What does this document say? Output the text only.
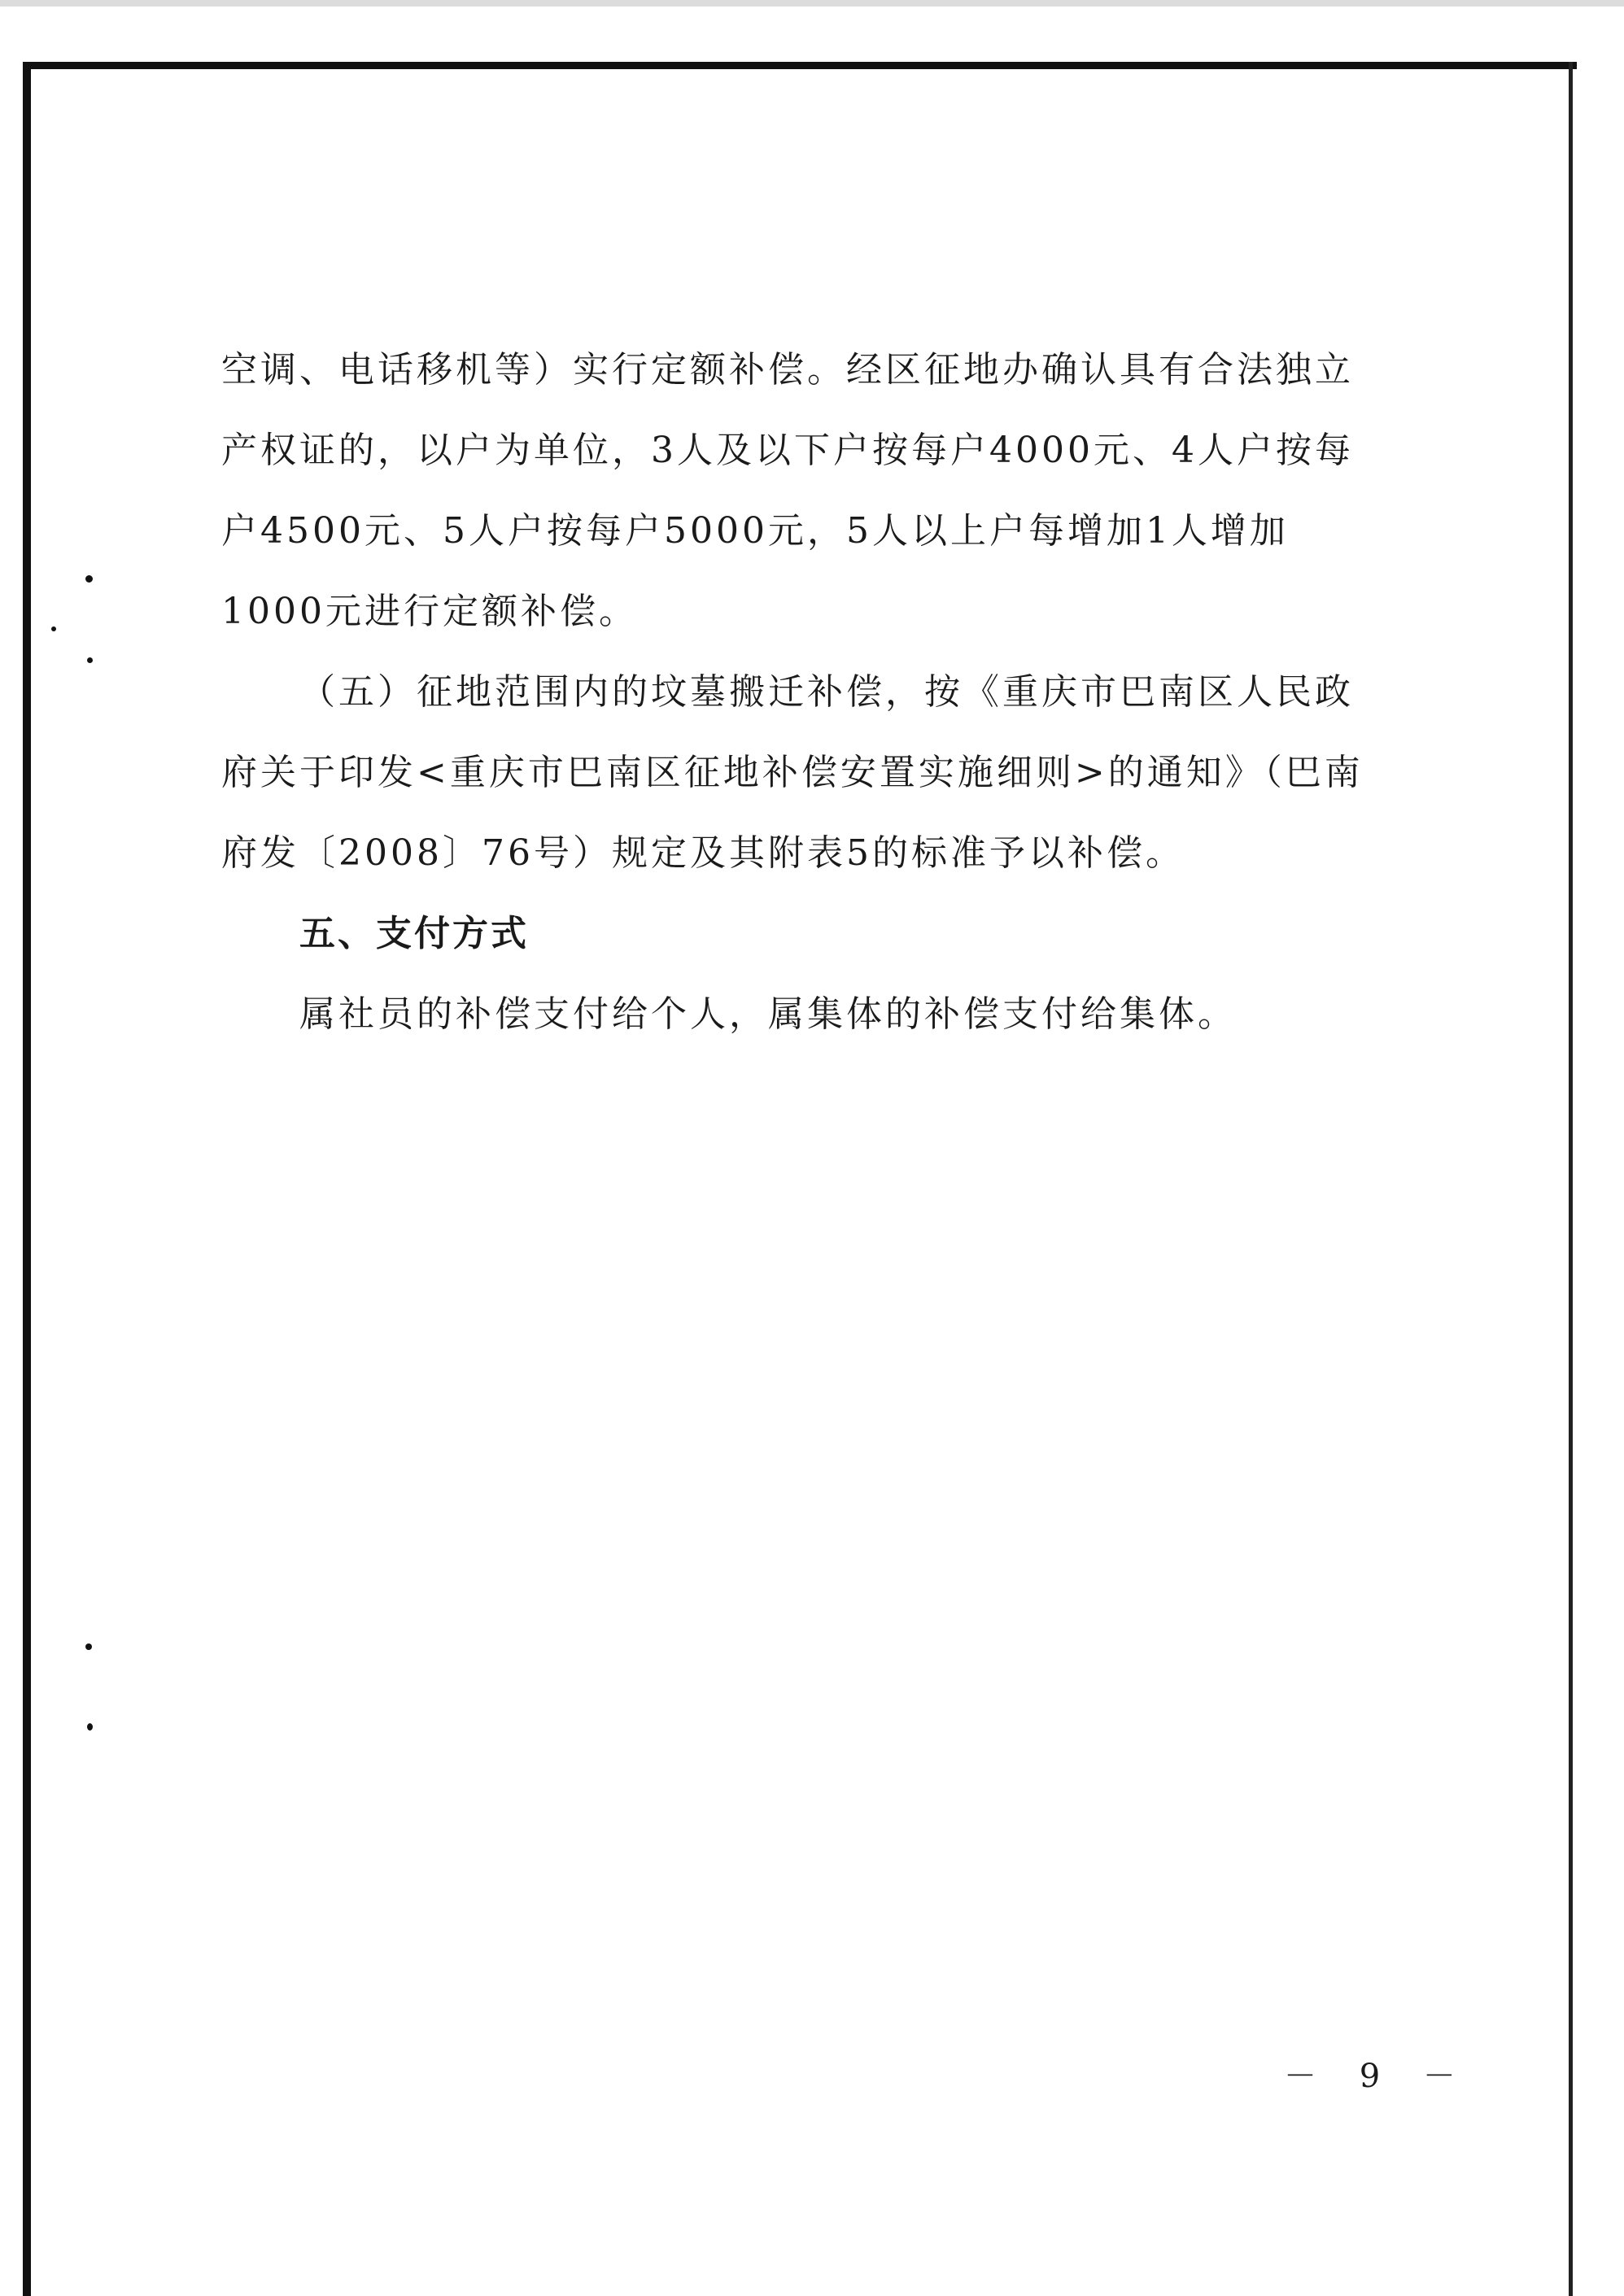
空调、电话移机等）实行定额补偿。经区征地办确认具有合法独立产权证的，以户为单位，3人及以下户按每户4000元、4人户按每户4500元、5人户按每户5000元，5人以上户每增加1人增加1000元进行定额补偿。

（五）征地范围内的坟墓搬迁补偿，按《重庆市巴南区人民政府关于印发<重庆市巴南区征地补偿安置实施细则>的通知》（巴南府发〔2008〕76号）规定及其附表5的标准予以补偿。

五、支付方式

属社员的补偿支付给个人，属集体的补偿支付给集体。

－ 9 －
